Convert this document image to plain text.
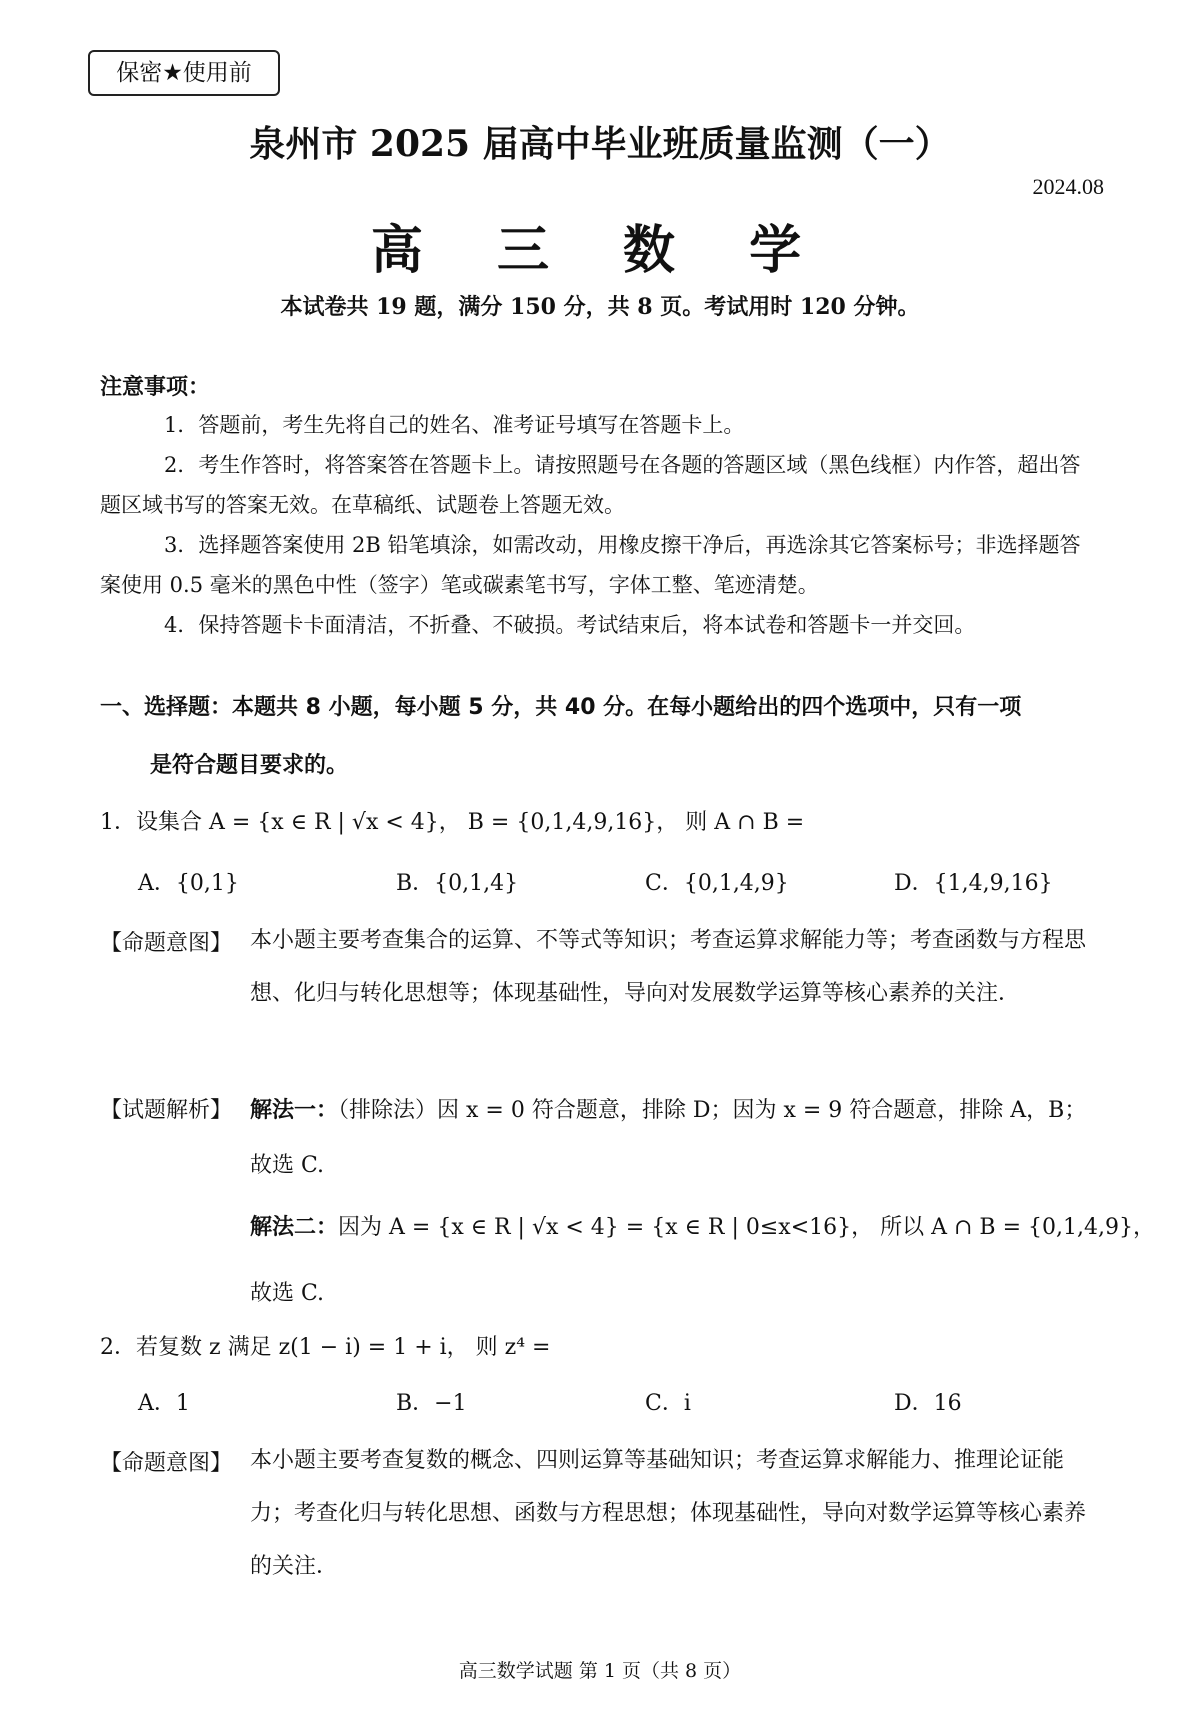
保密★使用前
泉州市 2025 届高中毕业班质量监测（一）
2024.08
高 三 数 学
本试卷共 19 题，满分 150 分，共 8 页。考试用时 120 分钟。
注意事项：
1．答题前，考生先将自己的姓名、准考证号填写在答题卡上。
2．考生作答时，将答案答在答题卡上。请按照题号在各题的答题区域（黑色线框）内作答，超出答题区域书写的答案无效。在草稿纸、试题卷上答题无效。
3．选择题答案使用 2B 铅笔填涂，如需改动，用橡皮擦干净后，再选涂其它答案标号；非选择题答案使用 0.5 毫米的黑色中性（签字）笔或碳素笔书写，字体工整、笔迹清楚。
4．保持答题卡卡面清洁，不折叠、不破损。考试结束后，将本试卷和答题卡一并交回。
一、选择题：本题共 8 小题，每小题 5 分，共 40 分。在每小题给出的四个选项中，只有一项
是符合题目要求的。
1．设集合 A = {x ∈ R | √x < 4}， B = {0,1,4,9,16}， 则 A ∩ B =
A．{0,1}	B．{0,1,4}	C．{0,1,4,9}	D．{1,4,9,16}
【命题意图】 本小题主要考查集合的运算、不等式等知识；考查运算求解能力等；考查函数与方程思想、化归与转化思想等；体现基础性，导向对发展数学运算等核心素养的关注．
【试题解析】 解法一：（排除法）因 x = 0 符合题意，排除 D；因为 x = 9 符合题意，排除 A，B；
故选 C.
解法二：因为 A = {x ∈ R | √x < 4} = {x ∈ R | 0≤x<16}， 所以 A ∩ B = {0,1,4,9}，
故选 C.
2．若复数 z 满足 z(1 − i) = 1 + i， 则 z⁴ =
A．1	B．−1	C．i	D．16
【命题意图】 本小题主要考查复数的概念、四则运算等基础知识；考查运算求解能力、推理论证能力；考查化归与转化思想、函数与方程思想；体现基础性，导向对数学运算等核心素养的关注．
高三数学试题 第 1 页（共 8 页）
